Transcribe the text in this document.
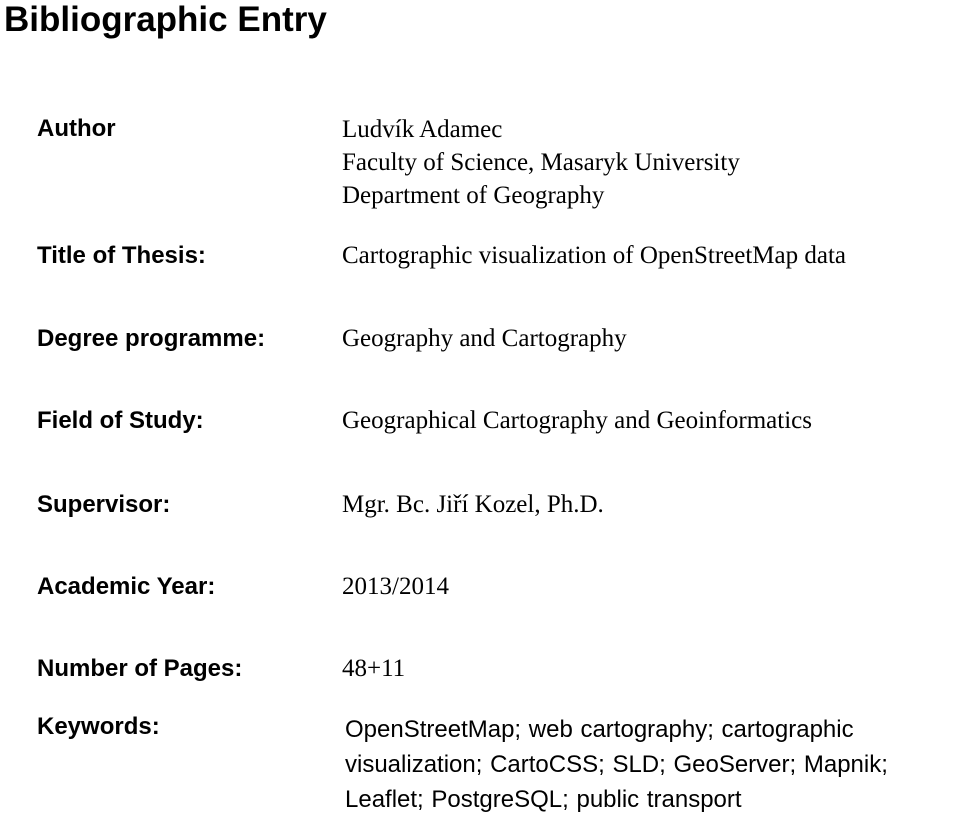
Bibliographic Entry
Author	Ludvík Adamec
Faculty of Science, Masaryk University
Department of Geography
Title of Thesis:	Cartographic visualization of OpenStreetMap data
Degree programme:	Geography and Cartography
Field of Study:	Geographical Cartography and Geoinformatics
Supervisor:	Mgr. Bc. Jiří Kozel, Ph.D.
Academic Year:	2013/2014
Number of Pages:	48+11
Keywords:	OpenStreetMap; web cartography; cartographic visualization; CartoCSS; SLD; GeoServer; Mapnik; Leaflet; PostgreSQL; public transport
